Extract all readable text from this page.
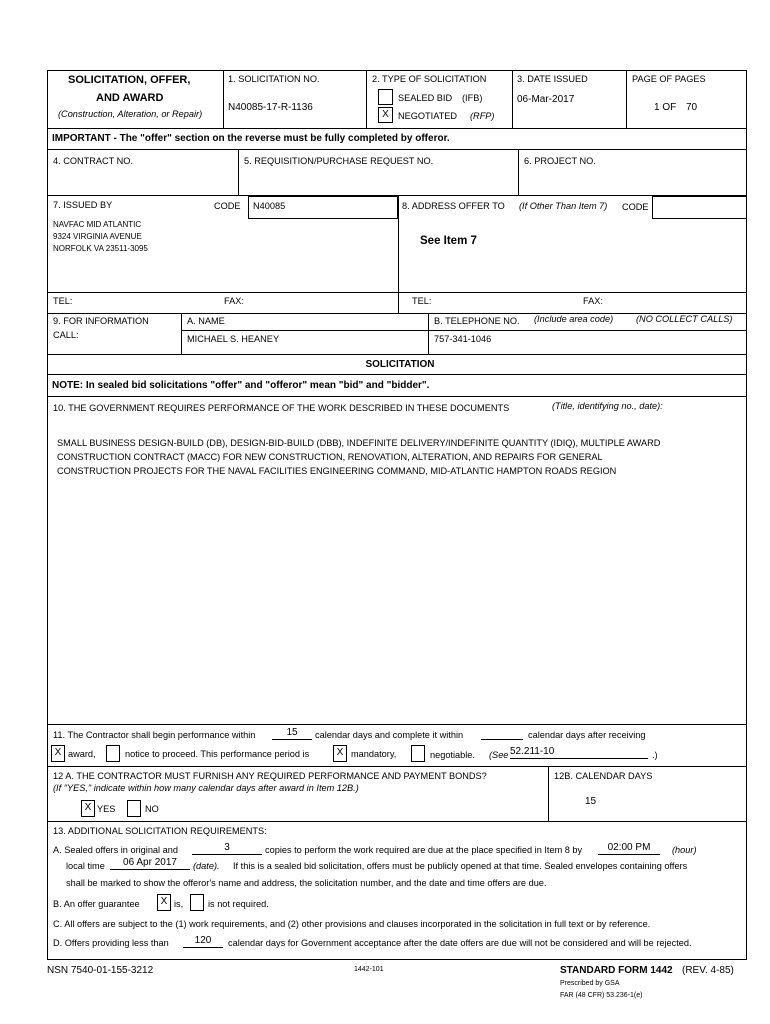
SOLICITATION, OFFER,
AND AWARD
(Construction, Alteration, or Repair)
1. SOLICITATION NO.
N40085-17-R-1136
2. TYPE OF SOLICITATION
SEALED BID (IFB)
X NEGOTIATED (RFP)
3. DATE ISSUED
06-Mar-2017
PAGE OF PAGES
1 OF 70
IMPORTANT - The "offer" section on the reverse must be fully completed by offeror.
4. CONTRACT NO.	5. REQUISITION/PURCHASE REQUEST NO.	6. PROJECT NO.
7. ISSUED BY	CODE N40085
NAVFAC MID ATLANTIC
9324 VIRGINIA AVENUE
NORFOLK VA 23511-3095
8. ADDRESS OFFER TO (If Other Than Item 7) CODE
See Item 7
TEL:	FAX:	TEL:	FAX:
9. FOR INFORMATION
CALL:
A. NAME
MICHAEL S. HEANEY
B. TELEPHONE NO. (Include area code) (NO COLLECT CALLS)
757-341-1046
SOLICITATION
NOTE: In sealed bid solicitations "offer" and "offeror" mean "bid" and "bidder".
10. THE GOVERNMENT REQUIRES PERFORMANCE OF THE WORK DESCRIBED IN THESE DOCUMENTS	(Title, identifying no., date):
SMALL BUSINESS DESIGN-BUILD (DB), DESIGN-BID-BUILD (DBB), INDEFINITE DELIVERY/INDEFINITE QUANTITY (IDIQ), MULTIPLE AWARD
CONSTRUCTION CONTRACT (MACC) FOR NEW CONSTRUCTION, RENOVATION, ALTERATION, AND REPAIRS FOR GENERAL
CONSTRUCTION PROJECTS FOR THE NAVAL FACILITIES ENGINEERING COMMAND, MID-ATLANTIC HAMPTON ROADS REGION
11. The Contractor shall begin performance within	15	calendar days and complete it within	calendar days after receiving
X award,	notice to proceed. This performance period is	X mandatory,	negotiable. (See 52.211-10	.)
12 A. THE CONTRACTOR MUST FURNISH ANY REQUIRED PERFORMANCE AND PAYMENT BONDS?
(If "YES," indicate within how many calendar days after award in Item 12B.)
X YES	NO
12B. CALENDAR DAYS
15
13. ADDITIONAL SOLICITATION REQUIREMENTS:
A. Sealed offers in original and	3	copies to perform the work required are due at the place specified in Item 8 by	02:00 PM	(hour)
local time	06 Apr 2017	(date). If this is a sealed bid solicitation, offers must be publicly opened at that time. Sealed envelopes containing offers
shall be marked to show the offeror's name and address, the solicitation number, and the date and time offers are due.
B. An offer guarantee	X is,	is not required.
C. All offers are subject to the (1) work requirements, and (2) other provisions and clauses incorporated in the solicitation in full text or by reference.
D. Offers providing less than	120	calendar days for Government acceptance after the date offers are due will not be considered and will be rejected.
NSN 7540-01-155-3212	1442-101	STANDARD FORM 1442 (REV. 4-85)
Prescribed by GSA
FAR (48 CFR) 53.236-1(e)
